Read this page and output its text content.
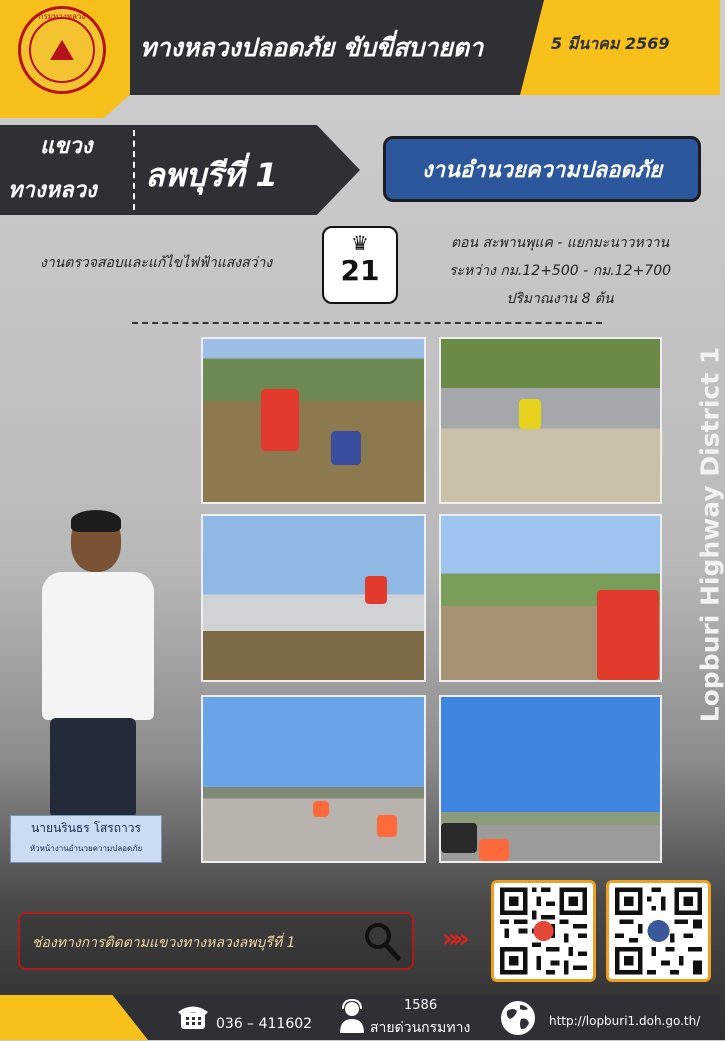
⛰
กรมทางหลวง
ทางหลวงปลอดภัย ขับขี่สบายตา	5 มีนาคม 2569
แขวง
ทางหลวง ลพบุรีที่ 1	งานอำนวยความปลอดภัย
งานตรวจสอบและแก้ไขไฟฟ้าแสงสว่าง
♛
21
ตอน สะพานพุแค - แยกมะนาวหวาน
ระหว่าง กม.12+500 - กม.12+700
ปริมาณงาน 8 ต้น
Lopburi Highway District 1
นายนรินธร โสรถาวร
หัวหน้างานอำนวยความปลอดภัย
ช่องทางการติดตามแขวงทางหลวงลพบุรีที่ 1	»»
036 – 411602
1586
สายด่วนกรมทาง	http://lopburi1.doh.go.th/
